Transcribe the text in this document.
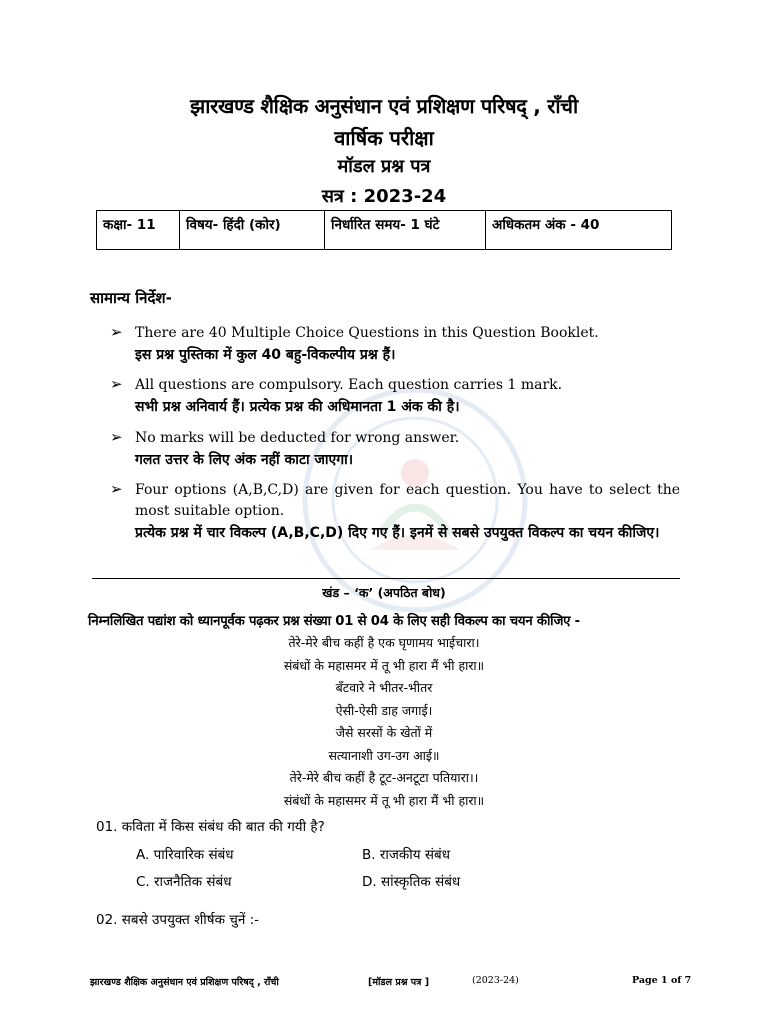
झारखण्ड शैक्षिक अनुसंधान एवं प्रशिक्षण परिषद् , राँची
वार्षिक परीक्षा
मॉडल प्रश्न पत्र
सत्र : 2023-24
कक्षा- 11	विषय- हिंदी (कोर)	निर्धारित समय- 1 घंटे	अधिकतम अंक - 40
सामान्य निर्देश-
➢ There are 40 Multiple Choice Questions in this Question Booklet.
इस प्रश्न पुस्तिका में कुल 40 बहु-विकल्पीय प्रश्न हैं।
➢ All questions are compulsory. Each question carries 1 mark.
सभी प्रश्न अनिवार्य हैं। प्रत्येक प्रश्न की अधिमानता 1 अंक की है।
➢ No marks will be deducted for wrong answer.
गलत उत्तर के लिए अंक नहीं काटा जाएगा।
➢ Four options (A,B,C,D) are given for each question. You have to select the most suitable option.
प्रत्येक प्रश्न में चार विकल्प (A,B,C,D) दिए गए हैं। इनमें से सबसे उपयुक्त विकल्प का चयन कीजिए।
खंड – ‘क’ (अपठित बोध)
निम्नलिखित पद्यांश को ध्यानपूर्वक पढ़कर प्रश्न संख्या 01 से 04 के लिए सही विकल्प का चयन कीजिए -
तेरे-मेरे बीच कहीं है एक घृणामय भाईचारा।
संबंधों के महासमर में तू भी हारा मैं भी हारा॥
बँटवारे ने भीतर-भीतर
ऐसी-ऐसी डाह जगाई।
जैसे सरसों के खेतों में
सत्यानाशी उग-उग आई॥
तेरे-मेरे बीच कहीं है टूट-अनटूटा पतियारा।।
संबंधों के महासमर में तू भी हारा मैं भी हारा॥
01. कविता में किस संबंध की बात की गयी है?
A. पारिवारिक संबंध	B. राजकीय संबंध
C. राजनैतिक संबंध	D. सांस्कृतिक संबंध
02. सबसे उपयुक्त शीर्षक चुनें :-
झारखण्ड शैक्षिक अनुसंधान एवं प्रशिक्षण परिषद् , राँची	[मॉडल प्रश्न पत्र ]	(2023-24)	Page 1 of 7
